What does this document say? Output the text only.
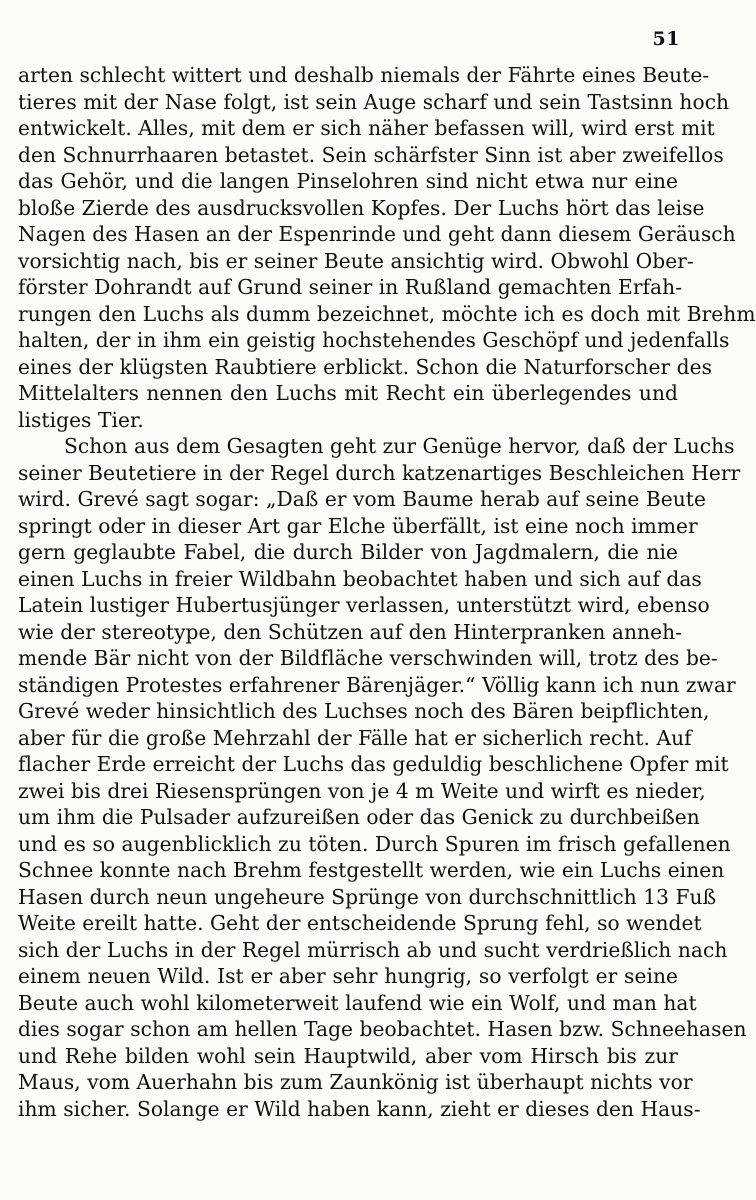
51
arten schlecht wittert und deshalb niemals der Fährte eines Beute-
tieres mit der Nase folgt, ist sein Auge scharf und sein Tastsinn hoch
entwickelt. Alles, mit dem er sich näher befassen will, wird erst mit
den Schnurrhaaren betastet. Sein schärfster Sinn ist aber zweifellos
das Gehör, und die langen Pinselohren sind nicht etwa nur eine
bloße Zierde des ausdrucksvollen Kopfes. Der Luchs hört das leise
Nagen des Hasen an der Espenrinde und geht dann diesem Geräusch
vorsichtig nach, bis er seiner Beute ansichtig wird. Obwohl Ober-
förster Dohrandt auf Grund seiner in Rußland gemachten Erfah-
rungen den Luchs als dumm bezeichnet, möchte ich es doch mit Brehm
halten, der in ihm ein geistig hochstehendes Geschöpf und jedenfalls
eines der klügsten Raubtiere erblickt. Schon die Naturforscher des
Mittelalters nennen den Luchs mit Recht ein überlegendes und
listiges Tier.
Schon aus dem Gesagten geht zur Genüge hervor, daß der Luchs
seiner Beutetiere in der Regel durch katzenartiges Beschleichen Herr
wird. Grevé sagt sogar: „Daß er vom Baume herab auf seine Beute
springt oder in dieser Art gar Elche überfällt, ist eine noch immer
gern geglaubte Fabel, die durch Bilder von Jagdmalern, die nie
einen Luchs in freier Wildbahn beobachtet haben und sich auf das
Latein lustiger Hubertusjünger verlassen, unterstützt wird, ebenso
wie der stereotype, den Schützen auf den Hinterpranken anneh-
mende Bär nicht von der Bildfläche verschwinden will, trotz des be-
ständigen Protestes erfahrener Bärenjäger.“ Völlig kann ich nun zwar
Grevé weder hinsichtlich des Luchses noch des Bären beipflichten,
aber für die große Mehrzahl der Fälle hat er sicherlich recht. Auf
flacher Erde erreicht der Luchs das geduldig beschlichene Opfer mit
zwei bis drei Riesensprüngen von je 4 m Weite und wirft es nieder,
um ihm die Pulsader aufzureißen oder das Genick zu durchbeißen
und es so augenblicklich zu töten. Durch Spuren im frisch gefallenen
Schnee konnte nach Brehm festgestellt werden, wie ein Luchs einen
Hasen durch neun ungeheure Sprünge von durchschnittlich 13 Fuß
Weite ereilt hatte. Geht der entscheidende Sprung fehl, so wendet
sich der Luchs in der Regel mürrisch ab und sucht verdrießlich nach
einem neuen Wild. Ist er aber sehr hungrig, so verfolgt er seine
Beute auch wohl kilometerweit laufend wie ein Wolf, und man hat
dies sogar schon am hellen Tage beobachtet. Hasen bzw. Schneehasen
und Rehe bilden wohl sein Hauptwild, aber vom Hirsch bis zur
Maus, vom Auerhahn bis zum Zaunkönig ist überhaupt nichts vor
ihm sicher. Solange er Wild haben kann, zieht er dieses den Haus-
